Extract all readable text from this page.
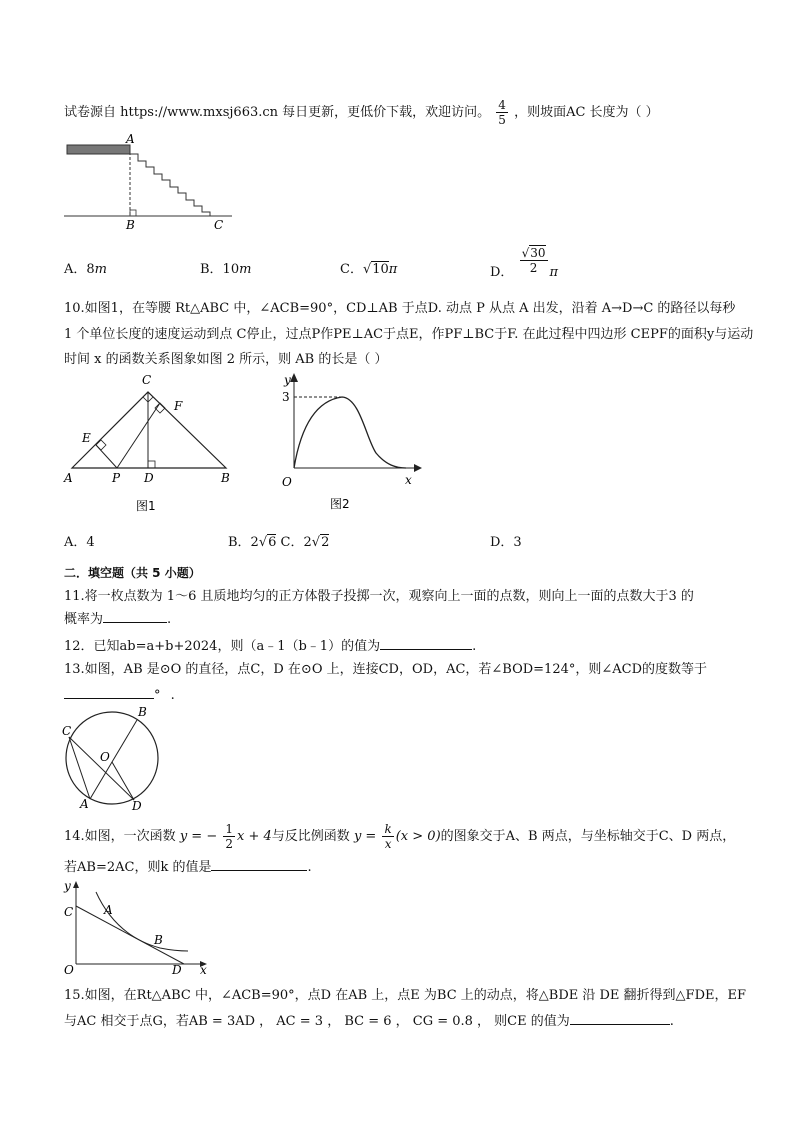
试卷源自 https://www.mxsj663.cn 每日更新，更低价下载，欢迎访问。 $\frac{4}{5}$ ，则坡面AC 长度为（ ）
A
B	C
A．8m	B．10m	C．√10π	D． $\frac{√30}{2}$ π
10.如图1，在等腰 Rt△ABC 中，∠ACB=90°，CD⊥AB 于点D. 动点 P 从点 A 出发，沿着 A→D→C 的路径以每秒
1 个单位长度的速度运动到点 C停止，过点P作PE⊥AC于点E，作PF⊥BC于F. 在此过程中四边形 CEPF的面积y与运动
时间 x 的函数关系图象如图 2 所示，则 AB 的长是（ ）
C
F
E
A	P D	B
图1
y
3
O	x
图2
A．4	B．2√6 C．2√2	D．3
二．填空题（共 5 小题）
11.将一枚点数为 1～6 且质地均匀的正方体骰子投掷一次，观察向上一面的点数，则向上一面的点数大于3 的
概率为	.
12．已知ab=a+b+2024，则（a﹣1（b﹣1）的值为	.
13.如图，AB 是⊙O 的直径，点C，D 在⊙O 上，连接CD，OD，AC，若∠BOD=124°，则∠ACD的度数等于
° .
B
C
O
A	D
14.如图，一次函数 y = − $\frac{1}{2}$ x + 4与反比例函数 $y = \frac{k}{x} (x > 0)$的图象交于A、B 两点，与坐标轴交于C、D 两点，
若AB=2AC，则k 的值是	.
y
C	A
B
O	D x
15.如图，在Rt△ABC 中，∠ACB=90°，点D 在AB 上，点E 为BC 上的动点，将△BDE 沿 DE 翻折得到△FDE，EF
与AC 相交于点G，若AB = 3AD ， AC = 3 ， BC = 6 ， CG = 0.8 ， 则CE 的值为	.
